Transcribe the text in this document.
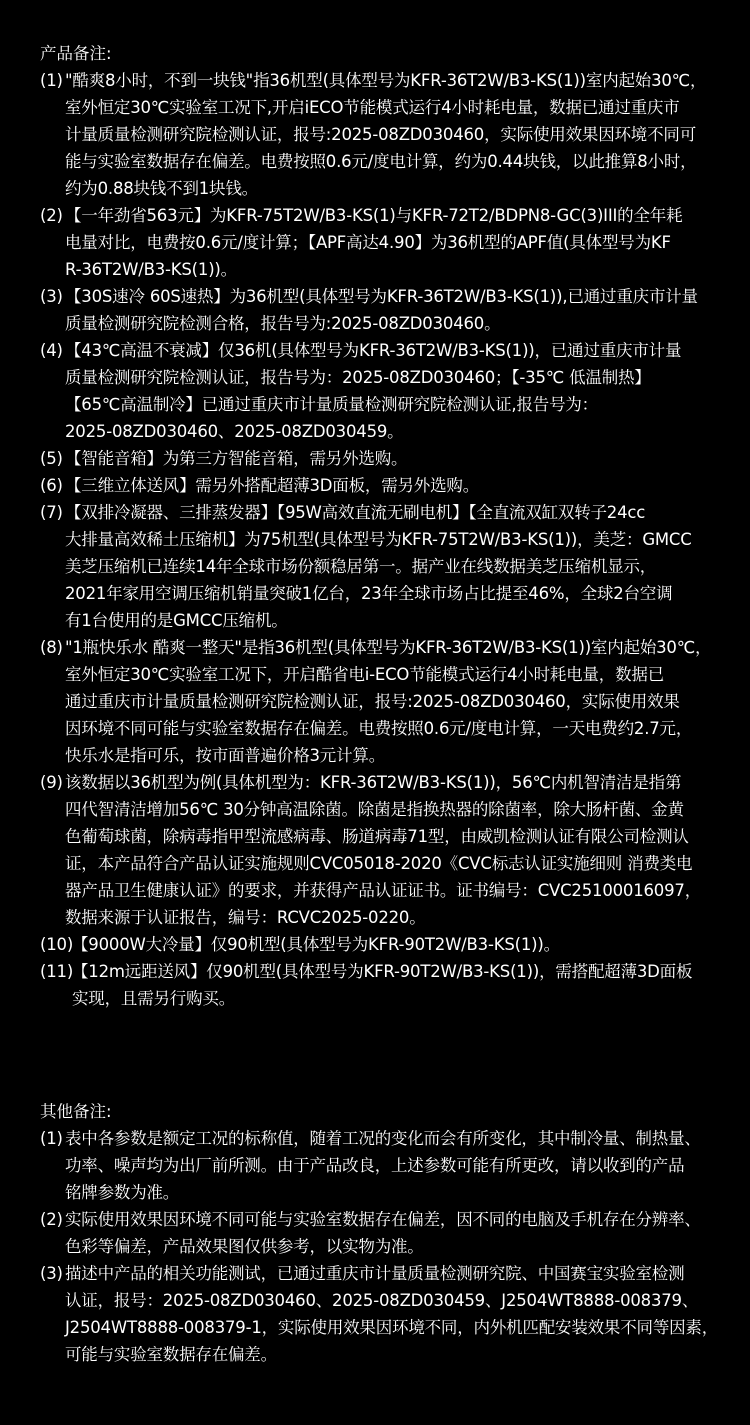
产品备注:

(1) "酷爽8小时，不到一块钱"指36机型(具体型号为KFR-36T2W/B3-KS(1))室内起始30℃，
室外恒定30℃实验室工况下,开启iECO节能模式运行4小时耗电量，数据已通过重庆市
计量质量检测研究院检测认证，报号:2025-08ZD030460，实际使用效果因环境不同可
能与实验室数据存在偏差。电费按照0.6元/度电计算，约为0.44块钱，以此推算8小时，
约为0.88块钱不到1块钱。
(2) 【一年劲省563元】为KFR-75T2W/B3-KS(1)与KFR-72T2/BDPN8-GC(3)III的全年耗
电量对比，电费按0.6元/度计算；【APF高达4.90】为36机型的APF值(具体型号为KF
R-36T2W/B3-KS(1))。
(3) 【30S速冷 60S速热】为36机型(具体型号为KFR-36T2W/B3-KS(1)),已通过重庆市计量
质量检测研究院检测合格，报告号为:2025-08ZD030460。
(4) 【43℃高温不衰减】仅36机(具体型号为KFR-36T2W/B3-KS(1))，已通过重庆市计量
质量检测研究院检测认证，报告号为：2025-08ZD030460；【-35℃ 低温制热】
【65℃高温制冷】已通过重庆市计量质量检测研究院检测认证,报告号为：
2025-08ZD030460、2025-08ZD030459。
(5) 【智能音箱】为第三方智能音箱，需另外选购。
(6) 【三维立体送风】需另外搭配超薄3D面板，需另外选购。
(7) 【双排冷凝器、三排蒸发器】【95W高效直流无刷电机】【全直流双缸双转子24cc
大排量高效稀土压缩机】为75机型(具体型号为KFR-75T2W/B3-KS(1))，美芝：GMCC
美芝压缩机已连续14年全球市场份额稳居第一。据产业在线数据美芝压缩机显示，
2021年家用空调压缩机销量突破1亿台，23年全球市场占比提至46%，全球2台空调
有1台使用的是GMCC压缩机。
(8) "1瓶快乐水 酷爽一整天"是指36机型(具体型号为KFR-36T2W/B3-KS(1))室内起始30℃，
室外恒定30℃实验室工况下，开启酷省电i-ECO节能模式运行4小时耗电量，数据已
通过重庆市计量质量检测研究院检测认证，报号:2025-08ZD030460，实际使用效果
因环境不同可能与实验室数据存在偏差。电费按照0.6元/度电计算，一天电费约2.7元，
快乐水是指可乐，按市面普遍价格3元计算。
(9) 该数据以36机型为例(具体机型为：KFR-36T2W/B3-KS(1))，56℃内机智清洁是指第
四代智清洁增加56℃ 30分钟高温除菌。除菌是指换热器的除菌率，除大肠杆菌、金黄
色葡萄球菌，除病毒指甲型流感病毒、肠道病毒71型，由威凯检测认证有限公司检测认
证，本产品符合产品认证实施规则CVC05018-2020《CVC标志认证实施细则 消费类电
器产品卫生健康认证》的要求，并获得产品认证证书。证书编号：CVC25100016097，
数据来源于认证报告，编号：RCVC2025-0220。
(10)
【9000W大冷量】仅90机型(具体型号为KFR-90T2W/B3-KS(1))。
(11)
【12m远距送风】仅90机型(具体型号为KFR-90T2W/B3-KS(1))，需搭配超薄3D面板
实现，且需另行购买。

其他备注:

(1) 表中各参数是额定工况的标称值，随着工况的变化而会有所变化，其中制冷量、制热量、
功率、噪声均为出厂前所测。由于产品改良，上述参数可能有所更改，请以收到的产品
铭牌参数为准。
(2) 实际使用效果因环境不同可能与实验室数据存在偏差，因不同的电脑及手机存在分辨率、
色彩等偏差，产品效果图仅供参考，以实物为准。
(3) 描述中产品的相关功能测试，已通过重庆市计量质量检测研究院、中国赛宝实验室检测
认证，报号：2025-08ZD030460、2025-08ZD030459、J2504WT8888-008379、
J2504WT8888-008379-1，实际使用效果因环境不同，内外机匹配安装效果不同等因素，
可能与实验室数据存在偏差。
